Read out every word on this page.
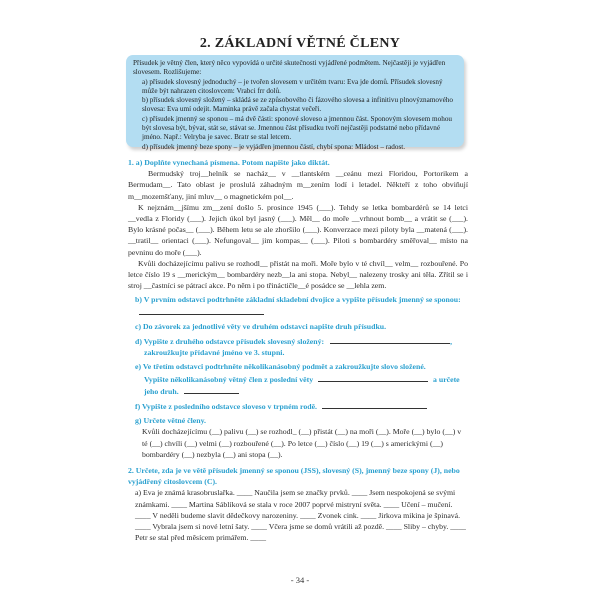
2. ZÁKLADNÍ VĚTNÉ ČLENY

Přísudek je větný člen, který něco vypovídá o určité skutečnosti vyjádřené podmětem. Nejčastěji je vyjádřen slovesem. Rozlišujeme:

a) přísudek slovesný jednoduchý – je tvořen slovesem v určitém tvaru: Eva jde domů. Přísudek slovesný může být nahrazen citoslovcem: Vrabci frr dolů.

b) přísudek slovesný složený – skládá se ze způsobového či fázového slovesa a infinitivu plnovýznamového slovesa: Eva umí odejít. Maminka právě začala chystat večeři.

c) přísudek jmenný se sponou – má dvě části: sponové sloveso a jmennou část. Sponovým slovesem mohou být slovesa být, bývat, stát se, stávat se. Jmennou část přísudku tvoří nejčastěji podstatné nebo přídavné jméno. Např.: Velryba je savec. Bratr se stal letcem.

d) přísudek jmenný beze spony – je vyjádřen jmennou částí, chybí spona: Mládost – radost.

1. a) Doplňte vynechaná písmena. Potom napište jako diktát.

Bermudský troj__helník se nacház__ v __tlantském __ceánu mezi Floridou, Portorikem a Bermudam__. Tato oblast je proslulá záhadným m__zením lodí i letadel. Někteří z toho obviňují m__mozemšťany, jiní mluv__ o magnetickém pol__.

K nejznám__jšímu zm__zení došlo 5. prosince 1945 (___). Tehdy se letka bombardérů se 14 letci __vedla z Floridy (___). Jejich úkol byl jasný (___). Měl__ do moře __vrhnout bomb__ a vrátit se (___). Bylo krásné počas__ (___). Během letu se ale zhoršilo (___). Konverzace mezi piloty byla __matená (___). __tratil__ orientaci (___). Nefungoval__ jim kompas__ (___). Piloti s bombardéry směřoval__ místo na pevninu do moře (___).

Kvůli docházejícímu palivu se rozhodl__ přistát na moři. Moře bylo v té chvíl__ velm__ rozbouřené. Po letce číslo 19 s __merickým__ bombardéry nezb__la ani stopa. Nebyl__ nalezeny trosky ani těla. Zřítil se i stroj __častníci se pátrací akce. Po něm i po třináctičle__é posádce se __lehla zem.

b) V prvním odstavci podtrhněte základní skladební dvojice a vypište přísudek jmenný se sponou:
c) Do závorek za jednotlivé věty ve druhém odstavci napište druh přísudku.
d) Vypište z druhého odstavce přísudek slovesný složený:	,
zakroužkujte přídavné jméno ve 3. stupni.
e) Ve třetím odstavci podtrhněte několikanásobný podmět a zakroužkujte slovo složené.
Vypište několikanásobný větný člen z poslední věty	a určete
jeho druh.
f) Vypište z posledního odstavce sloveso v trpném rodě.
g) Určete větné členy.

Kvůli docházejícímu (__) palivu (__) se rozhodl_ (__) přistát (__) na moři (__). Moře (__) bylo (__) v té (__) chvíli (__) velmi (__) rozbouřené (__). Po letce (__) číslo (__) 19 (__) s americkými (__) bombardéry (__) nezbyla (__) ani stopa (__).

2. Určete, zda je ve větě přísudek jmenný se sponou (JSS), slovesný (S), jmenný beze spony (J), nebo vyjádřený citoslovcem (C).

a) Eva je známá krasobruslařka. ____ Naučila jsem se značky prvků. ____ Jsem nespokojená se svými známkami. ____ Martina Sáblíková se stala v roce 2007 poprvé mistryní světa. ____ Učení – mučení. ____ V neděli budeme slavit dědečkovy narozeniny. ____ Zvonek cink. ____ Jirkova mikina je špinavá. ____ Vybrala jsem si nové letní šaty. ____ Včera jsme se domů vrátili až pozdě. ____ Sliby – chyby. ____ Petr se stal před měsícem primářem. ____

- 34 -
